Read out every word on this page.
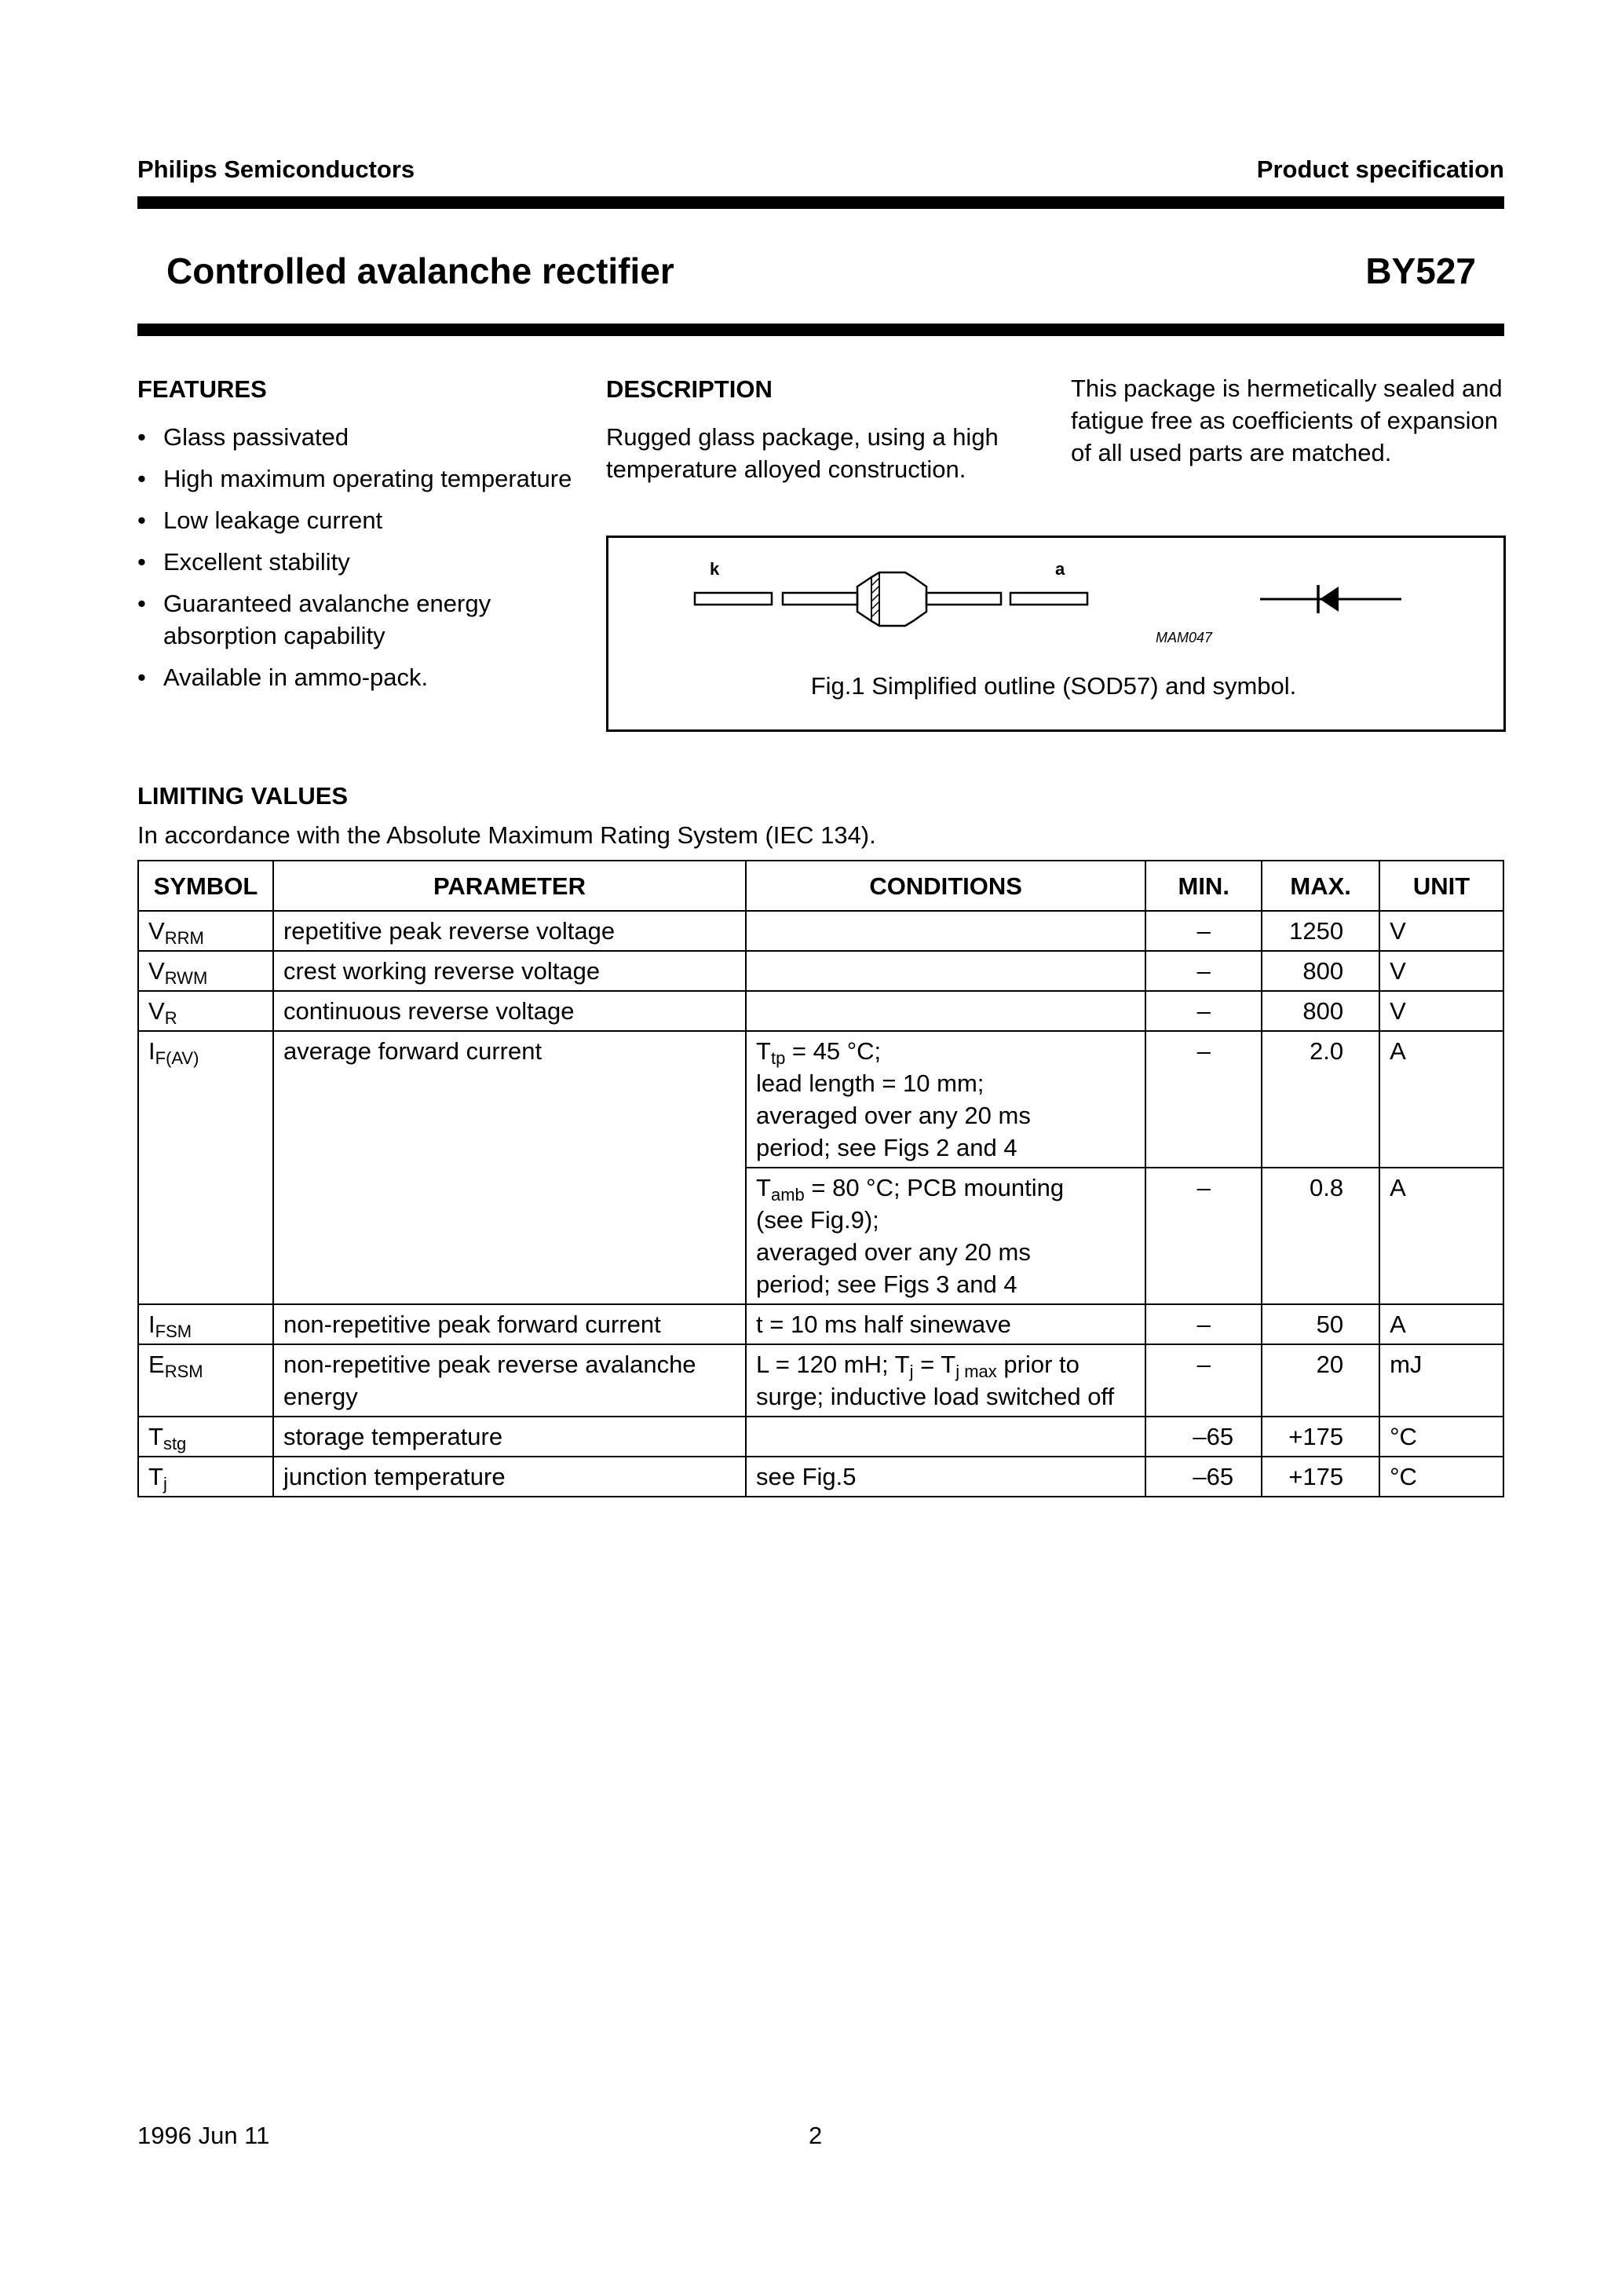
Philips Semiconductors	Product specification
Controlled avalanche rectifier	BY527
FEATURES
• Glass passivated
• High maximum operating temperature
• Low leakage current
• Excellent stability
• Guaranteed avalanche energy absorption capability
• Available in ammo-pack.
DESCRIPTION
Rugged glass package, using a high temperature alloyed construction.
This package is hermetically sealed and fatigue free as coefficients of expansion of all used parts are matched.
k	a
MAM047
Fig.1 Simplified outline (SOD57) and symbol.
LIMITING VALUES
In accordance with the Absolute Maximum Rating System (IEC 134).
SYMBOL	PARAMETER	CONDITIONS	MIN.	MAX.	UNIT
$V_{RRM}$	repetitive peak reverse voltage		–	1250	V
$V_{RWM}$	crest working reverse voltage		–	800	V
$V_R$	continuous reverse voltage		–	800	V
$I_{F(AV)}$	average forward current	$T_{tp} = 45$ °C;
lead length = 10 mm;
averaged over any 20 ms
period; see Figs 2 and 4	–	2.0	A

		$T_{amb} = 80$ °C; PCB mounting
(see Fig.9);
averaged over any 20 ms
period; see Figs 3 and 4	–	0.8	A
$I_{FSM}$	non-repetitive peak forward current	t = 10 ms half sinewave	–	50	A
$E_{RSM}$	non-repetitive peak reverse avalanche energy	L = 120 mH; $T_j = T_{j max}$ prior to
surge; inductive load switched off	–	20	mJ
$T_{stg}$	storage temperature		–65	+175	°C
$T_j$	junction temperature	see Fig.5	–65	+175	°C
1996 Jun 11	2
